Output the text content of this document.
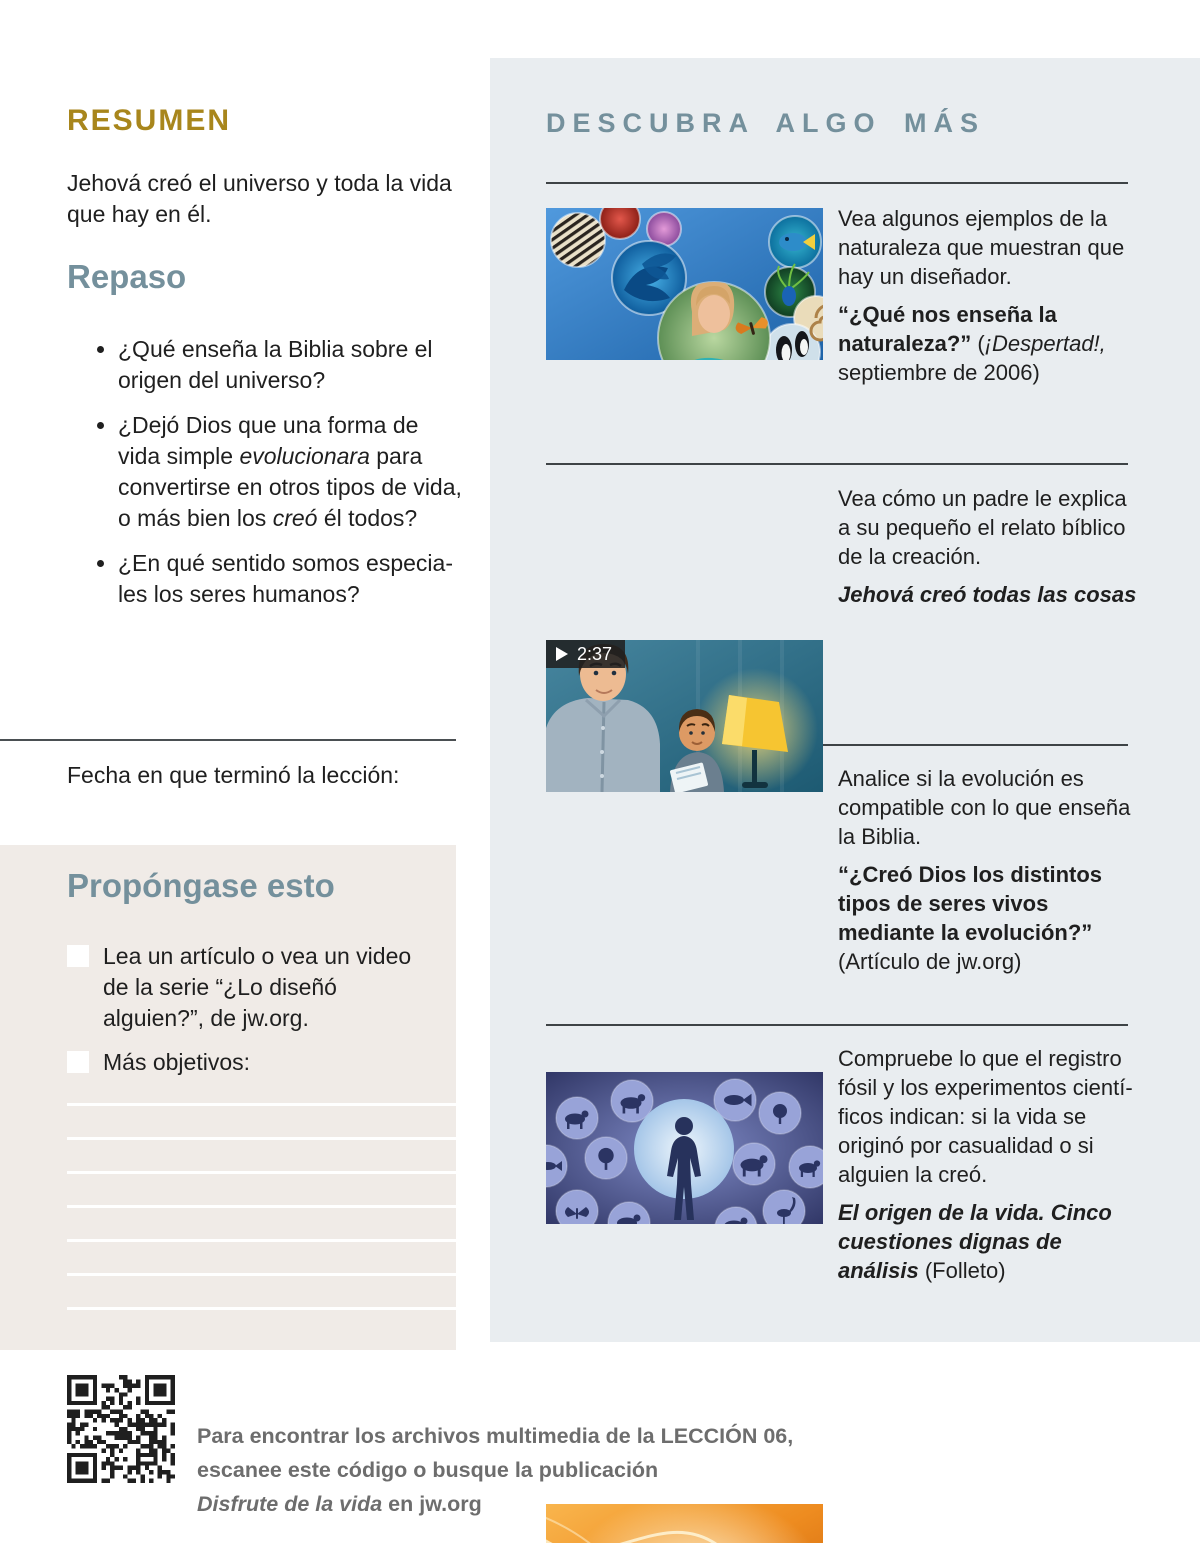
RESUMEN
Jehová creó el universo y toda la vida que hay en él.
Repaso
• ¿Qué enseña la Biblia sobre el origen del universo?
• ¿Dejó Dios que una forma de vida simple evolucionara para convertirse en otros tipos de vida, o más bien los creó él todos?
• ¿En qué sentido somos especiales los seres humanos?
Fecha en que terminó la lección:
Propóngase esto
Lea un artículo o vea un video de la serie “¿Lo diseñó alguien?”, de jw.org.
Más objetivos:
DESCUBRA ALGO MÁS

Vea algunos ejemplos de la naturaleza que muestran que hay un diseñador.

“¿Qué nos enseña la naturaleza?” (¡Despertad!, septiembre de 2006)

2:37

Vea cómo un padre le explica a su pequeño el relato bíblico de la creación.

Jehová creó todas las cosas

Analice si la evolución es compatible con lo que enseña la Biblia.

“¿Creó Dios los distintos tipos de seres vivos mediante la evolución?” (Artículo de jw.org)

Compruebe lo que el registro fósil y los experimentos científicos indican: si la vida se originó por casualidad o si alguien la creó.

El origen de la vida. Cinco cuestiones dignas de análisis (Folleto)

Para encontrar los archivos multimedia de la LECCIÓN 06,
escanee este código o busque la publicación
Disfrute de la vida en jw.org
